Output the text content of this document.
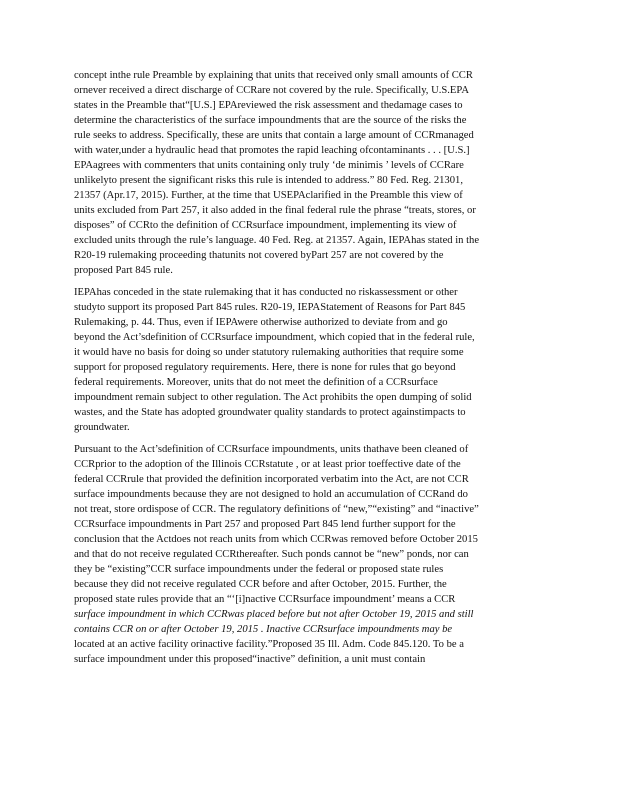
concept inthe rule Preamble by explaining that units that received only small amounts of CCR
ornever received a direct discharge of CCRare not covered by the rule. Specifically, U.S.EPA
states in the Preamble that“[U.S.] EPAreviewed the risk assessment and thedamage cases to
determine the characteristics of the surface impoundments that are the source of the risks the
rule seeks to address. Specifically, these are units that contain a large amount of CCRmanaged
with water,under a hydraulic head that promotes the rapid leaching ofcontaminants . . . [U.S.]
EPAagrees with commenters that units containing only truly ‘de minimis ’ levels of CCRare
unlikelyto present the significant risks this rule is intended to address.” 80 Fed. Reg. 21301,
21357 (Apr.17, 2015). Further, at the time that USEPAclarified in the Preamble this view of
units excluded from Part 257, it also added in the final federal rule the phrase “treats, stores, or
disposes” of CCRto the definition of CCRsurface impoundment, implementing its view of
excluded units through the rule’s language. 40 Fed. Reg. at 21357. Again, IEPAhas stated in the
R20-19 rulemaking proceeding thatunits not covered byPart 257 are not covered by the
proposed Part 845 rule.
IEPAhas conceded in the state rulemaking that it has conducted no riskassessment or other
studyto support its proposed Part 845 rules. R20-19, IEPAStatement of Reasons for Part 845
Rulemaking, p. 44. Thus, even if IEPAwere otherwise authorized to deviate from and go
beyond the Act’sdefinition of CCRsurface impoundment, which copied that in the federal rule,
it would have no basis for doing so under statutory rulemaking authorities that require some
support for proposed regulatory requirements. Here, there is none for rules that go beyond
federal requirements. Moreover, units that do not meet the definition of a CCRsurface
impoundment remain subject to other regulation. The Act prohibits the open dumping of solid
wastes, and the State has adopted groundwater quality standards to protect againstimpacts to
groundwater.
Pursuant to the Act’sdefinition of CCRsurface impoundments, units thathave been cleaned of
CCRprior to the adoption of the Illinois CCRstatute , or at least prior toeffective date of the
federal CCRrule that provided the definition incorporated verbatim into the Act, are not CCR
surface impoundments because they are not designed to hold an accumulation of CCRand do
not treat, store ordispose of CCR. The regulatory definitions of “new,”“existing” and “inactive”
CCRsurface impoundments in Part 257 and proposed Part 845 lend further support for the
conclusion that the Actdoes not reach units from which CCRwas removed before October 2015
and that do not receive regulated CCRthereafter. Such ponds cannot be “new” ponds, nor can
they be “existing”CCR surface impoundments under the federal or proposed state rules
because they did not receive regulated CCR before and after October, 2015. Further, the
proposed state rules provide that an “‘[i]nactive CCRsurface impoundment’ means a CCR
surface impoundment in which CCRwas placed before but not after October 19, 2015 and still
contains CCR on or after October 19, 2015 . Inactive CCRsurface impoundments may be
located at an active facility orinactive facility.”Proposed 35 Ill. Adm. Code 845.120. To be a
surface impoundment under this proposed“inactive” definition, a unit must contain
